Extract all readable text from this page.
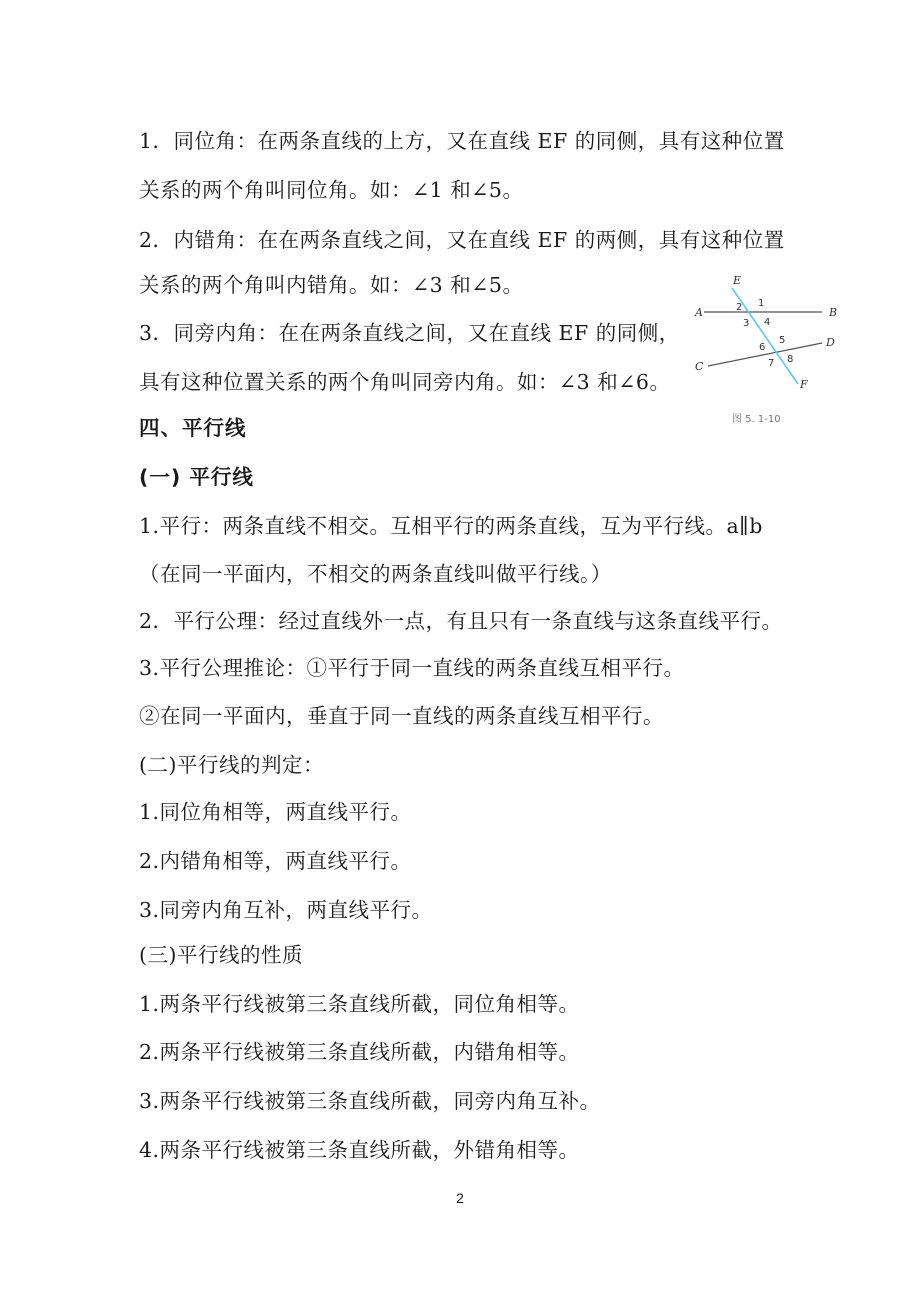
1．同位角：在两条直线的上方，又在直线 EF 的同侧，具有这种位置
关系的两个角叫同位角。如：∠1 和∠5。
2．内错角：在在两条直线之间，又在直线 EF 的两侧，具有这种位置
关系的两个角叫内错角。如：∠3 和∠5。
3．同旁内角：在在两条直线之间，又在直线 EF 的同侧，
具有这种位置关系的两个角叫同旁内角。如：∠3 和∠6。
四、平行线
(一) 平行线
1.平行：两条直线不相交。互相平行的两条直线，互为平行线。a∥b
（在同一平面内，不相交的两条直线叫做平行线。）
2．平行公理：经过直线外一点，有且只有一条直线与这条直线平行。
3.平行公理推论：①平行于同一直线的两条直线互相平行。
②在同一平面内，垂直于同一直线的两条直线互相平行。
(二)平行线的判定：
1.同位角相等，两直线平行。
2.内错角相等，两直线平行。
3.同旁内角互补，两直线平行。
(三)平行线的性质
1.两条平行线被第三条直线所截，同位角相等。
2.两条平行线被第三条直线所截，内错角相等。
3.两条平行线被第三条直线所截，同旁内角互补。
4.两条平行线被第三条直线所截，外错角相等。
E
A	B
C
D
F
1
2
3 4
5
6
7 8
图 5. 1-10
2
